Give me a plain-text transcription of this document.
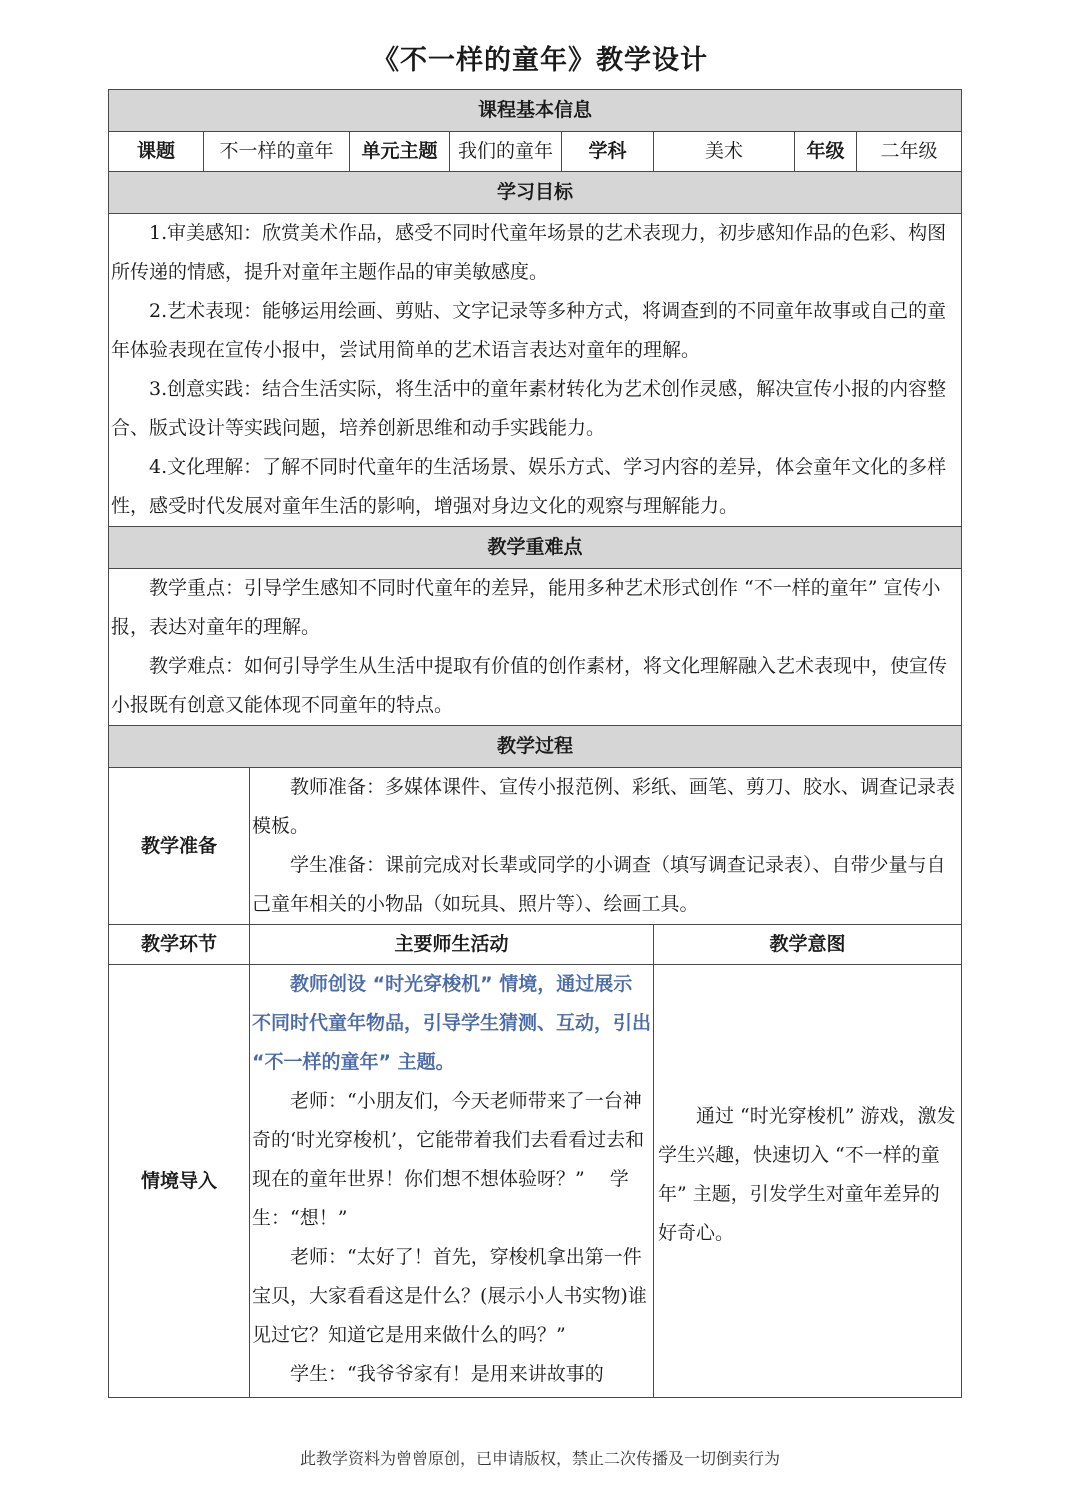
《不一样的童年》教学设计
课程基本信息								
课题	不一样的童年		单元主题	我们的童年	学科	美术	年级	二年级
学习目标								

1.审美感知：欣赏美术作品，感受不同时代童年场景的艺术表现力，初步感知作品的色彩、构图所传递的情感，提升对童年主题作品的审美敏感度。
2.艺术表现：能够运用绘画、剪贴、文字记录等多种方式，将调查到的不同童年故事或自己的童年体验表现在宣传小报中，尝试用简单的艺术语言表达对童年的理解。
3.创意实践：结合生活实际，将生活中的童年素材转化为艺术创作灵感，解决宣传小报的内容整合、版式设计等实践问题，培养创新思维和动手实践能力。
4.文化理解：了解不同时代童年的生活场景、娱乐方式、学习内容的差异，体会童年文化的多样性，感受时代发展对童年生活的影响，增强对身边文化的观察与理解能力。								

教学重难点								

教学重点：引导学生感知不同时代童年的差异，能用多种艺术形式创作 “不一样的童年” 宣传小报，表达对童年的理解。
教学难点：如何引导学生从生活中提取有价值的创作素材，将文化理解融入艺术表现中，使宣传小报既有创意又能体现不同童年的特点。								

教学过程								
教学准备		教师准备：多媒体课件、宣传小报范例、彩纸、画笔、剪刀、胶水、调查记录表模板。
学生准备：课前完成对长辈或同学的小调查（填写调查记录表）、自带少量与自己童年相关的小物品（如玩具、照片等）、绘画工具。						

教学环节		主要师生活动				教学意图		
情境导入		教师创设 “时光穿梭机” 情境，通过展示不同时代童年物品，引导学生猜测、互动，引出 “不一样的童年” 主题。
老师：“小朋友们，今天老师带来了一台神奇的‘时光穿梭机’，它能带着我们去看看过去和现在的童年世界！你们想不想体验呀？”　 学生：“想！”
老师：“太好了！首先，穿梭机拿出第一件宝贝，大家看看这是什么？(展示小人书实物)谁见过它？知道它是用来做什么的吗？”
学生：“我爷爷家有！是用来讲故事的				通过 “时光穿梭机” 游戏，激发学生兴趣，快速切入 “不一样的童年” 主题，引发学生对童年差异的好奇心。		
此教学资料为曾曾原创，已申请版权，禁止二次传播及一切倒卖行为
